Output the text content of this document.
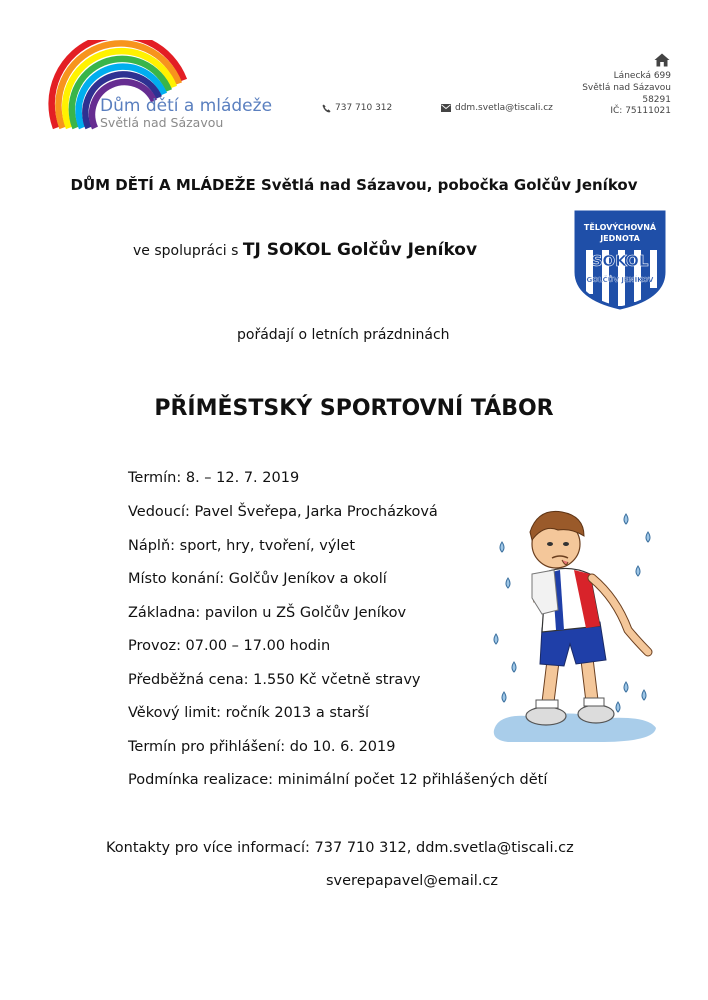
Dům dětí a mládeže
Světlá nad Sázavou
737 710 312	ddm.svetla@tiscali.cz
Lánecká 699
Světlá nad Sázavou
58291
IČ: 75111021
DŮM DĚTÍ A MLÁDEŽE Světlá nad Sázavou, pobočka Golčův Jeníkov
ve spolupráci s TJ SOKOL Golčův Jeníkov
TĚLOVÝCHOVNÁ
JEDNOTA
SOKOL
GOLČŮV JENÍKOV
pořádají o letních prázdninách
PŘÍMĚSTSKÝ SPORTOVNÍ TÁBOR
Termín: 8. – 12. 7. 2019
Vedoucí: Pavel Šveřepa, Jarka Procházková
Náplň: sport, hry, tvoření, výlet
Místo konání: Golčův Jeníkov a okolí
Základna: pavilon u ZŠ Golčův Jeníkov
Provoz: 07.00 – 17.00 hodin
Předběžná cena: 1.550 Kč včetně stravy
Věkový limit: ročník 2013 a starší
Termín pro přihlášení: do 10. 6. 2019
Podmínka realizace: minimální počet 12 přihlášených dětí
Kontakty pro více informací: 737 710 312, ddm.svetla@tiscali.cz
sverepapavel@email.cz
